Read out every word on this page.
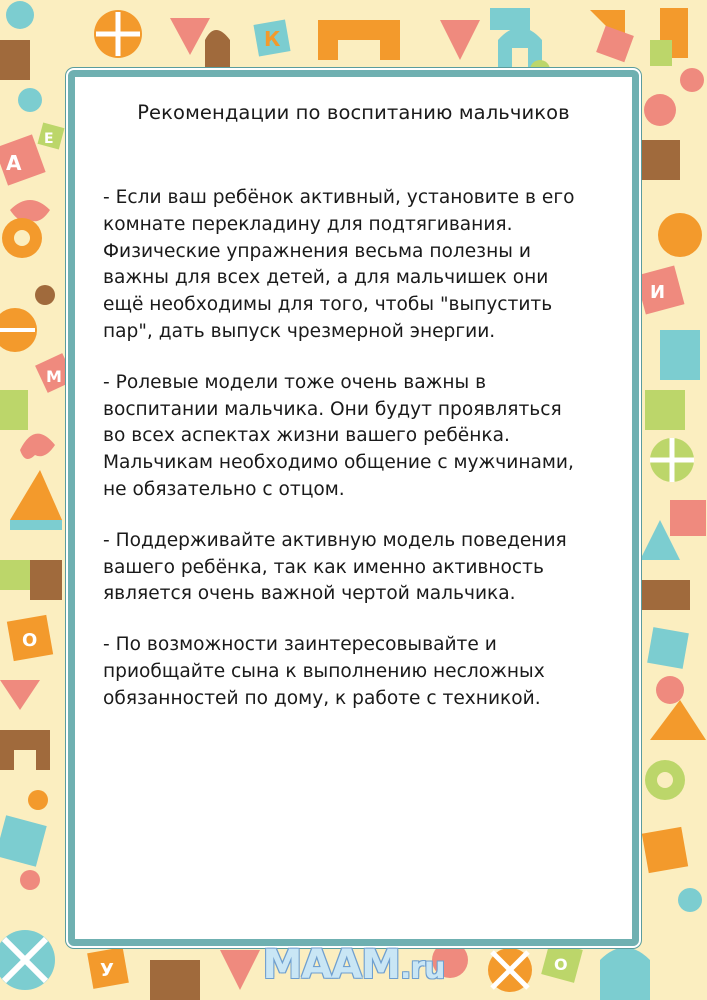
К
А
Е
М
О
И
У	О
Рекомендации по воспитанию мальчиков

- Если ваш ребёнок активный, установите в его
комнате перекладину для подтягивания.
Физические упражнения весьма полезны и
важны для всех детей, а для мальчишек они
ещё необходимы для того, чтобы "выпустить
пар", дать выпуск чрезмерной энергии.

- Ролевые модели тоже очень важны в
воспитании мальчика. Они будут проявляться
во всех аспектах жизни вашего ребёнка.
Мальчикам необходимо общение с мужчинами,
не обязательно с отцом.

- Поддерживайте активную модель поведения
вашего ребёнка, так как именно активность
является очень важной чертой мальчика.

- По возможности заинтересовывайте и
приобщайте сына к выполнению несложных
обязанностей по дому, к работе с техникой.

MAAM.ru
